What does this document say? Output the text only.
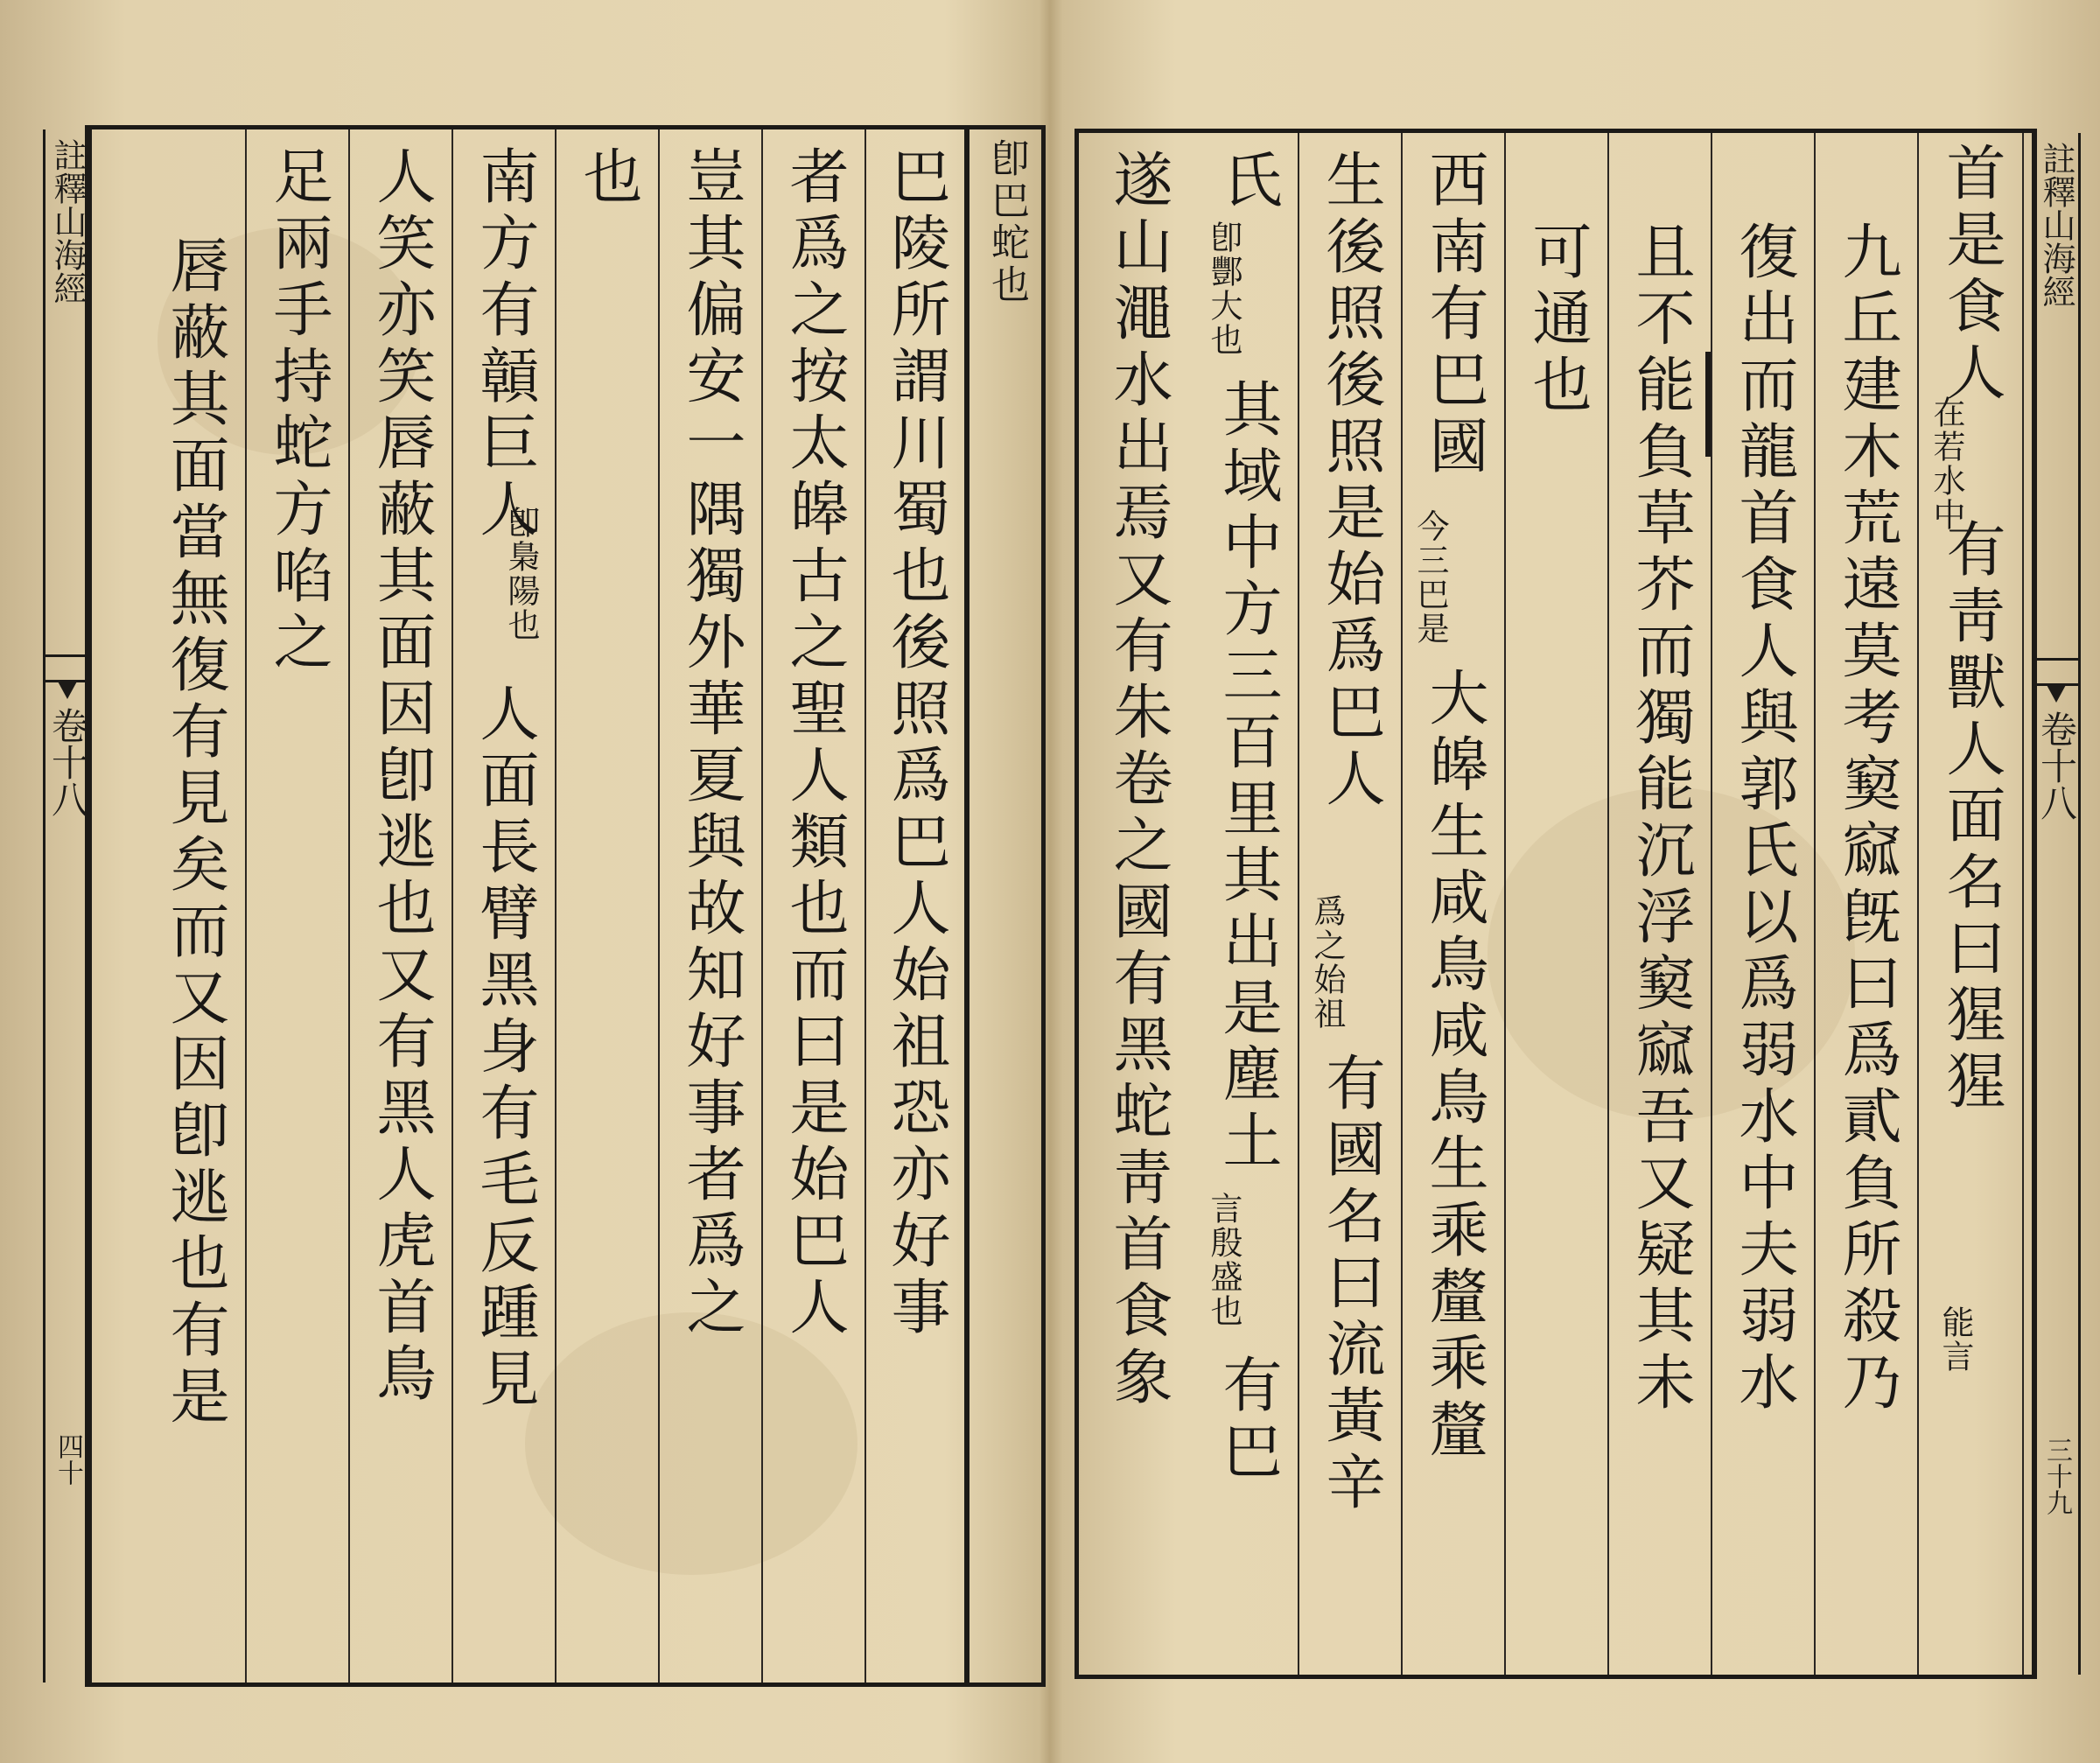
註釋山海經
卷十八
四十
卽巴蛇也
巴陵所謂川蜀也後照爲巴人始祖恐亦好事
者爲之按太皞古之聖人類也而曰是始巴人
豈其偏安一隅獨外華夏與故知好事者爲之
也
南方有贑巨人
卽梟陽也
人面長臂黑身有毛反踵見
人笑亦笑唇蔽其面因卽逃也又有黑人虎首鳥
足兩手持蛇方啗之
唇蔽其面當無復有見矣而又因卽逃也有是
註釋山海經
卷十八
三十九
首是食人
在若水中
有靑獸人面名曰猩猩
能言
九丘建木荒遠莫考窫窳旣曰爲貳負所殺乃
復出而龍首食人與郭氏以爲弱水中夫弱水
且不能負草芥而獨能沉浮窫窳吾又疑其未
可通也
西南有巴國
今三巴是
大皞生咸鳥咸鳥生乘釐乘釐
生後照後照是始爲巴人
爲之始祖
有國名曰流黃辛
氏
卽酆大也
其域中方三百里其出是塵土
言殷盛也
有巴
遂山澠水出焉又有朱卷之國有黑蛇靑首食象
